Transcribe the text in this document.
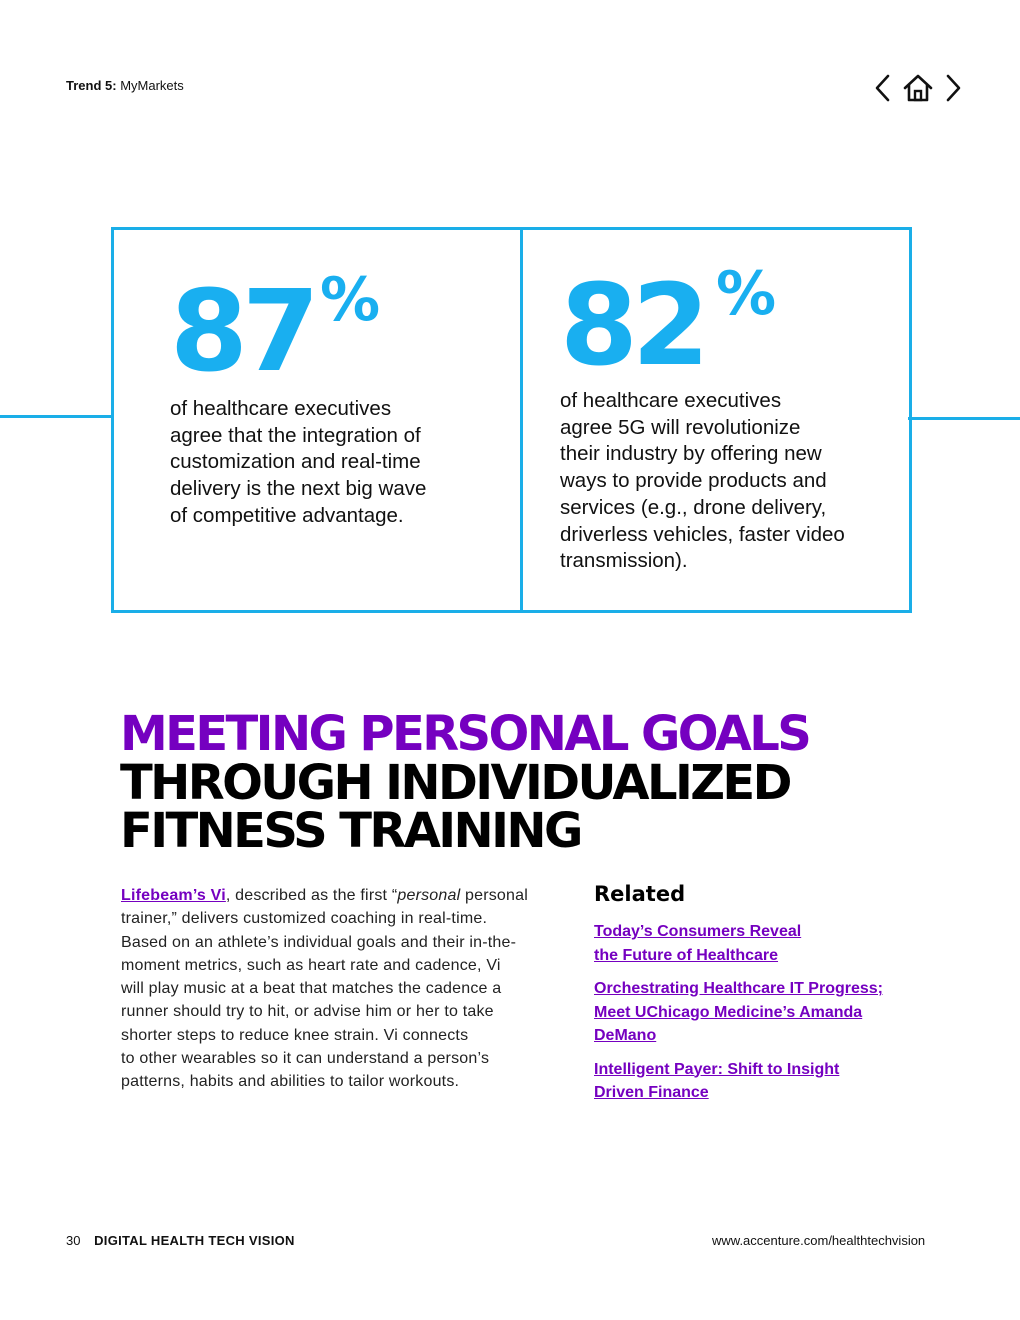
Trend 5: MyMarkets
87 %
of healthcare executives
agree that the integration of
customization and real-time
delivery is the next big wave
of competitive advantage.
82 %
of healthcare executives
agree 5G will revolutionize
their industry by offering new
ways to provide products and
services (e.g., drone delivery,
driverless vehicles, faster video
transmission).
MEETING PERSONAL GOALS
THROUGH INDIVIDUALIZED
FITNESS TRAINING
Lifebeam’s Vi, described as the first “personal personal
trainer,” delivers customized coaching in real-time.
Based on an athlete’s individual goals and their in-the-
moment metrics, such as heart rate and cadence, Vi
will play music at a beat that matches the cadence a
runner should try to hit, or advise him or her to take
shorter steps to reduce knee strain. Vi connects
to other wearables so it can understand a person’s
patterns, habits and abilities to tailor workouts.
Related
Today’s Consumers Reveal
the Future of Healthcare
Orchestrating Healthcare IT Progress;
Meet UChicago Medicine’s Amanda
DeMano
Intelligent Payer: Shift to Insight
Driven Finance
30 DIGITAL HEALTH TECH VISION	www.accenture.com/healthtechvision
